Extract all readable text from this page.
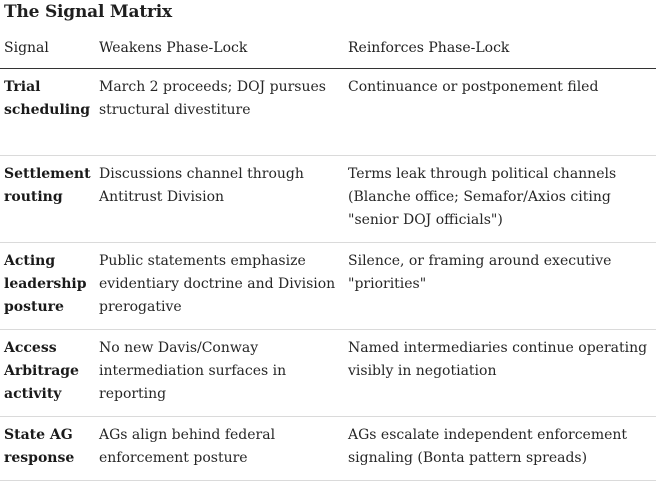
The Signal Matrix
Signal	Weakens Phase-Lock	Reinforces Phase-Lock
Trial scheduling	March 2 proceeds; DOJ pursues structural divestiture	Continuance or postponement filed
Settlement routing	Discussions channel through Antitrust Division	Terms leak through political channels (Blanche office; Semafor/Axios citing "senior DOJ officials")
Acting leadership posture	Public statements emphasize evidentiary doctrine and Division prerogative	Silence, or framing around executive "priorities"
Access Arbitrage activity	No new Davis/Conway intermediation surfaces in reporting	Named intermediaries continue operating visibly in negotiation
State AG response	AGs align behind federal enforcement posture	AGs escalate independent enforcement signaling (Bonta pattern spreads)
